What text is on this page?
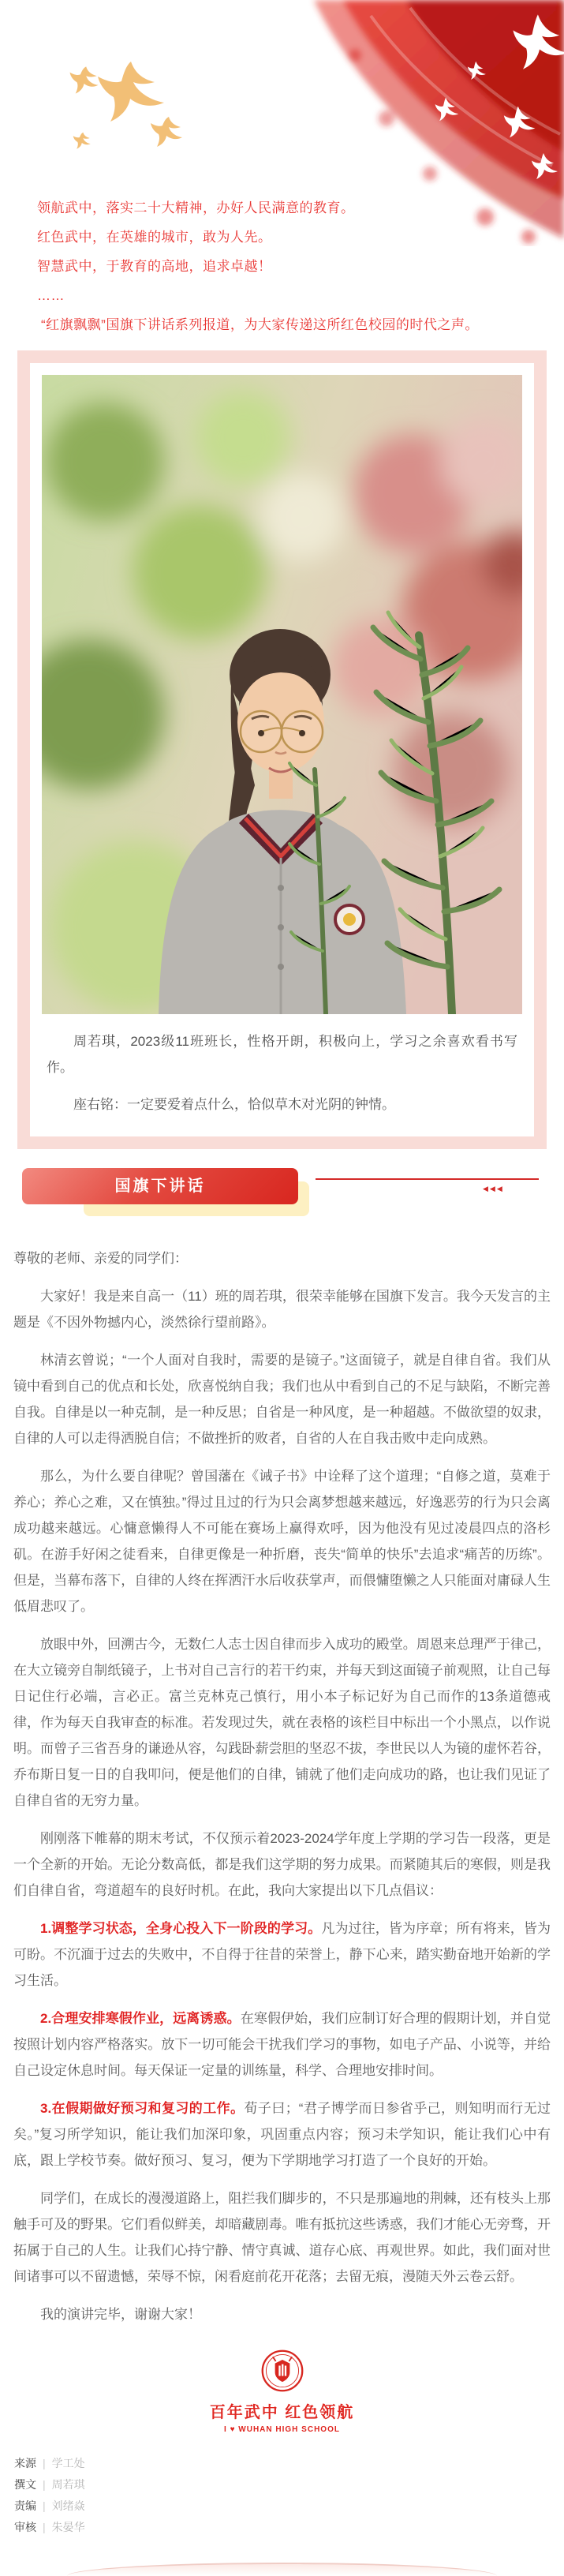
领航武中，落实二十大精神，办好人民满意的教育。

红色武中，在英雄的城市，敢为人先。

智慧武中，于教育的高地，追求卓越！

……

“红旗飘飘”国旗下讲话系列报道，为大家传递这所红色校园的时代之声。

周若琪，2023级11班班长，性格开朗，积极向上，学习之余喜欢看书写作。

座右铭：一定要爱着点什么，恰似草木对光阴的钟情。

国旗下讲话	◀◀◀

尊敬的老师、亲爱的同学们：

大家好！我是来自高一（11）班的周若琪，很荣幸能够在国旗下发言。我今天发言的主题是《不因外物撼内心，淡然徐行望前路》。

林清玄曾说；“一个人面对自我时，需要的是镜子。”这面镜子，就是自律自省。我们从镜中看到自己的优点和长处，欣喜悦纳自我；我们也从中看到自己的不足与缺陷，不断完善自我。自律是以一种克制，是一种反思；自省是一种风度，是一种超越。不做欲望的奴隶，自律的人可以走得洒脱自信；不做挫折的败者，自省的人在自我击败中走向成熟。

那么，为什么要自律呢？曾国藩在《诫子书》中诠释了这个道理；“自修之道，莫难于养心；养心之难，又在慎独。”得过且过的行为只会离梦想越来越远，好逸恶劳的行为只会离成功越来越远。心慵意懒得人不可能在赛场上赢得欢呼，因为他没有见过凌晨四点的洛杉矶。在游手好闲之徒看来，自律更像是一种折磨，丧失“简单的快乐”去追求“痛苦的历练”。但是，当幕布落下，自律的人终在挥洒汗水后收获掌声，而偎慵堕懒之人只能面对庸碌人生低眉悲叹了。

放眼中外，回溯古今，无数仁人志士因自律而步入成功的殿堂。周恩来总理严于律己，在大立镜旁自制纸镜子，上书对自己言行的若干约束，并每天到这面镜子前观照，让自己每日记住行必端，言必正。富兰克林克己慎行，用小本子标记好为自己而作的13条道德戒律，作为每天自我审查的标准。若发现过失，就在表格的该栏目中标出一个小黑点，以作说明。而曾子三省吾身的谦逊从容，勾践卧薪尝胆的坚忍不拔，李世民以人为镜的虚怀若谷，乔布斯日复一日的自我叩问，便是他们的自律，铺就了他们走向成功的路，也让我们见证了自律自省的无穷力量。

刚刚落下帷幕的期末考试，不仅预示着2023-2024学年度上学期的学习告一段落，更是一个全新的开始。无论分数高低，都是我们这学期的努力成果。而紧随其后的寒假，则是我们自律自省，弯道超车的良好时机。在此，我向大家提出以下几点倡议：

1.调整学习状态，全身心投入下一阶段的学习。凡为过往，皆为序章；所有将来，皆为可盼。不沉湎于过去的失败中，不自得于往昔的荣誉上，静下心来，踏实勤奋地开始新的学习生活。

2.合理安排寒假作业，远离诱惑。在寒假伊始，我们应制订好合理的假期计划，并自觉按照计划内容严格落实。放下一切可能会干扰我们学习的事物，如电子产品、小说等，并给自己设定休息时间。每天保证一定量的训练量，科学、合理地安排时间。

3.在假期做好预习和复习的工作。荀子曰；“君子博学而日参省乎己，则知明而行无过矣。”复习所学知识，能让我们加深印象，巩固重点内容；预习未学知识，能让我们心中有底，跟上学校节奏。做好预习、复习，便为下学期地学习打造了一个良好的开始。

同学们，在成长的漫漫道路上，阻拦我们脚步的，不只是那遍地的荆棘，还有枝头上那触手可及的野果。它们看似鲜美，却暗藏剧毒。唯有抵抗这些诱惑，我们才能心无旁骛，开拓属于自己的人生。让我们心持宁静、情守真诚、道存心底、再观世界。如此，我们面对世间诸事可以不留遗憾，荣辱不惊，闲看庭前花开花落；去留无痕，漫随天外云卷云舒。

我的演讲完毕，谢谢大家！

百年武中 红色领航
I ♥ WUHAN HIGH SCHOOL
来源 | 学工处
撰文 | 周若琪
责编 | 刘绪焱
审核 | 朱晏华
